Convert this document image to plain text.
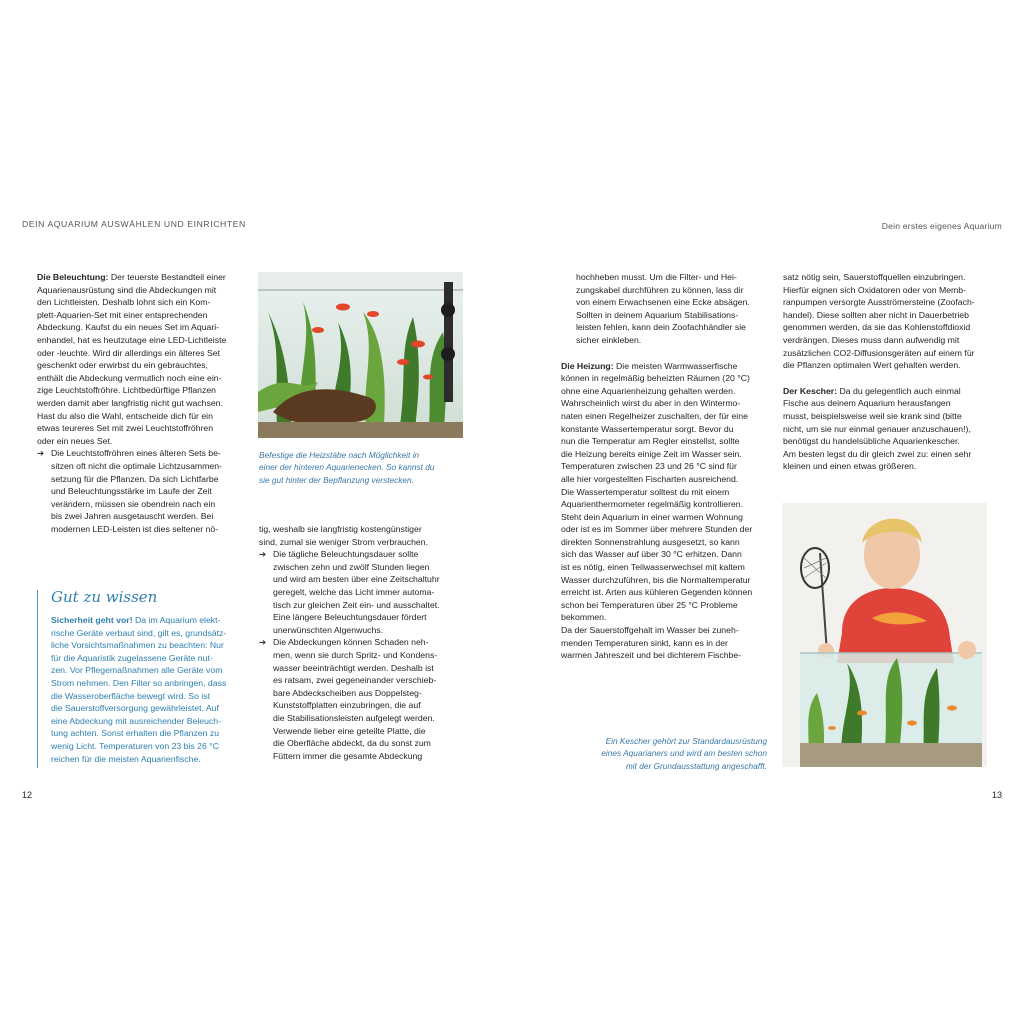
DEIN AQUARIUM AUSWÄHLEN UND EINRICHTEN	Dein erstes eigenes Aquarium
Die Beleuchtung: Der teuerste Bestandteil einer
Aquarienausrüstung sind die Abdeckungen mit
den Lichtleisten. Deshalb lohnt sich ein Kom-
plett-Aquarien-Set mit einer entsprechenden
Abdeckung. Kaufst du ein neues Set im Aquari-
enhandel, hat es heutzutage eine LED-Lichtleiste
oder -leuchte. Wird dir allerdings ein älteres Set
geschenkt oder erwirbst du ein gebrauchtes,
enthält die Abdeckung vermutlich noch eine ein-
zige Leuchtstoffröhre. Lichtbedürftige Pflanzen
werden damit aber langfristig nicht gut wachsen.
Hast du also die Wahl, entscheide dich für ein
etwas teureres Set mit zwei Leuchtstoffröhren
oder ein neues Set.
➔ Die Leuchtstoffröhren eines älteren Sets be-
sitzen oft nicht die optimale Lichtzusammen-
setzung für die Pflanzen. Da sich Lichtfarbe
und Beleuchtungsstärke im Laufe der Zeit
verändern, müssen sie obendrein nach ein
bis zwei Jahren ausgetauscht werden. Bei
modernen LED-Leisten ist dies seltener nö-
Gut zu wissen
Sicherheit geht vor! Da im Aquarium elekt-
rische Geräte verbaut sind, gilt es, grundsätz-
liche Vorsichtsmaßnahmen zu beachten: Nur
für die Aquaristik zugelassene Geräte nut-
zen. Vor Pflegemaßnahmen alle Geräte vom
Strom nehmen. Den Filter so anbringen, dass
die Wasseroberfläche bewegt wird. So ist
die Sauerstoffversorgung gewährleistet. Auf
eine Abdeckung mit ausreichender Beleuch-
tung achten. Sonst erhalten die Pflanzen zu
wenig Licht. Temperaturen von 23 bis 26 °C
reichen für die meisten Aquarienfische.
Befestige die Heizstäbe nach Möglichkeit in
einer der hinteren Aquarienecken. So kannst du
sie gut hinter der Bepflanzung verstecken.
tig, weshalb sie langfristig kostengünstiger
sind, zumal sie weniger Strom verbrauchen.
➔ Die tägliche Beleuchtungsdauer sollte
zwischen zehn und zwölf Stunden liegen
und wird am besten über eine Zeitschaltuhr
geregelt, welche das Licht immer automa-
tisch zur gleichen Zeit ein- und ausschaltet.
Eine längere Beleuchtungsdauer fördert
unerwünschten Algenwuchs.
➔ Die Abdeckungen können Schaden neh-
men, wenn sie durch Spritz- und Kondens-
wasser beeinträchtigt werden. Deshalb ist
es ratsam, zwei gegeneinander verschieb-
bare Abdeckscheiben aus Doppelsteg-
Kunststoffplatten einzubringen, die auf
die Stabilisationsleisten aufgelegt werden.
Verwende lieber eine geteilte Platte, die
die Oberfläche abdeckt, da du sonst zum
Füttern immer die gesamte Abdeckung
hochheben musst. Um die Filter- und Hei-
zungskabel durchführen zu können, lass dir
von einem Erwachsenen eine Ecke absägen.
Sollten in deinem Aquarium Stabilisations-
leisten fehlen, kann dein Zoofachhändler sie
sicher einkleben.
Die Heizung: Die meisten Warmwasserfische
können in regelmäßig beheizten Räumen (20 °C)
ohne eine Aquarienheizung gehalten werden.
Wahrscheinlich wirst du aber in den Wintermo-
naten einen Regelheizer zuschalten, der für eine
konstante Wassertemperatur sorgt. Bevor du
nun die Temperatur am Regler einstellst, sollte
die Heizung bereits einige Zeit im Wasser sein.
Temperaturen zwischen 23 und 26 °C sind für
alle hier vorgestellten Fischarten ausreichend.
Die Wassertemperatur solltest du mit einem
Aquarienthermometer regelmäßig kontrollieren.
Steht dein Aquarium in einer warmen Wohnung
oder ist es im Sommer über mehrere Stunden der
direkten Sonnenstrahlung ausgesetzt, so kann
sich das Wasser auf über 30 °C erhitzen. Dann
ist es nötig, einen Teilwasserwechsel mit kaltem
Wasser durchzuführen, bis die Normaltemperatur
erreicht ist. Arten aus kühleren Gegenden können
schon bei Temperaturen über 25 °C Probleme
bekommen.
Da der Sauerstoffgehalt im Wasser bei zuneh-
menden Temperaturen sinkt, kann es in der
warmen Jahreszeit und bei dichterem Fischbe-
Ein Kescher gehört zur Standardausrüstung
eines Aquarianers und wird am besten schon
mit der Grundausstattung angeschafft.
satz nötig sein, Sauerstoffquellen einzubringen.
Hierfür eignen sich Oxidatoren oder von Memb-
ranpumpen versorgte Ausströmersteine (Zoofach-
handel). Diese sollten aber nicht in Dauerbetrieb
genommen werden, da sie das Kohlenstoffdioxid
verdrängen. Dieses muss dann aufwendig mit
zusätzlichen CO2-Diffusionsgeräten auf einem für
die Pflanzen optimalen Wert gehalten werden.
Der Kescher: Da du gelegentlich auch einmal
Fische aus deinem Aquarium herausfangen
musst, beispielsweise weil sie krank sind (bitte
nicht, um sie nur einmal genauer anzuschauen!),
benötigst du handelsübliche Aquarienkescher.
Am besten legst du dir gleich zwei zu: einen sehr
kleinen und einen etwas größeren.
12	13
